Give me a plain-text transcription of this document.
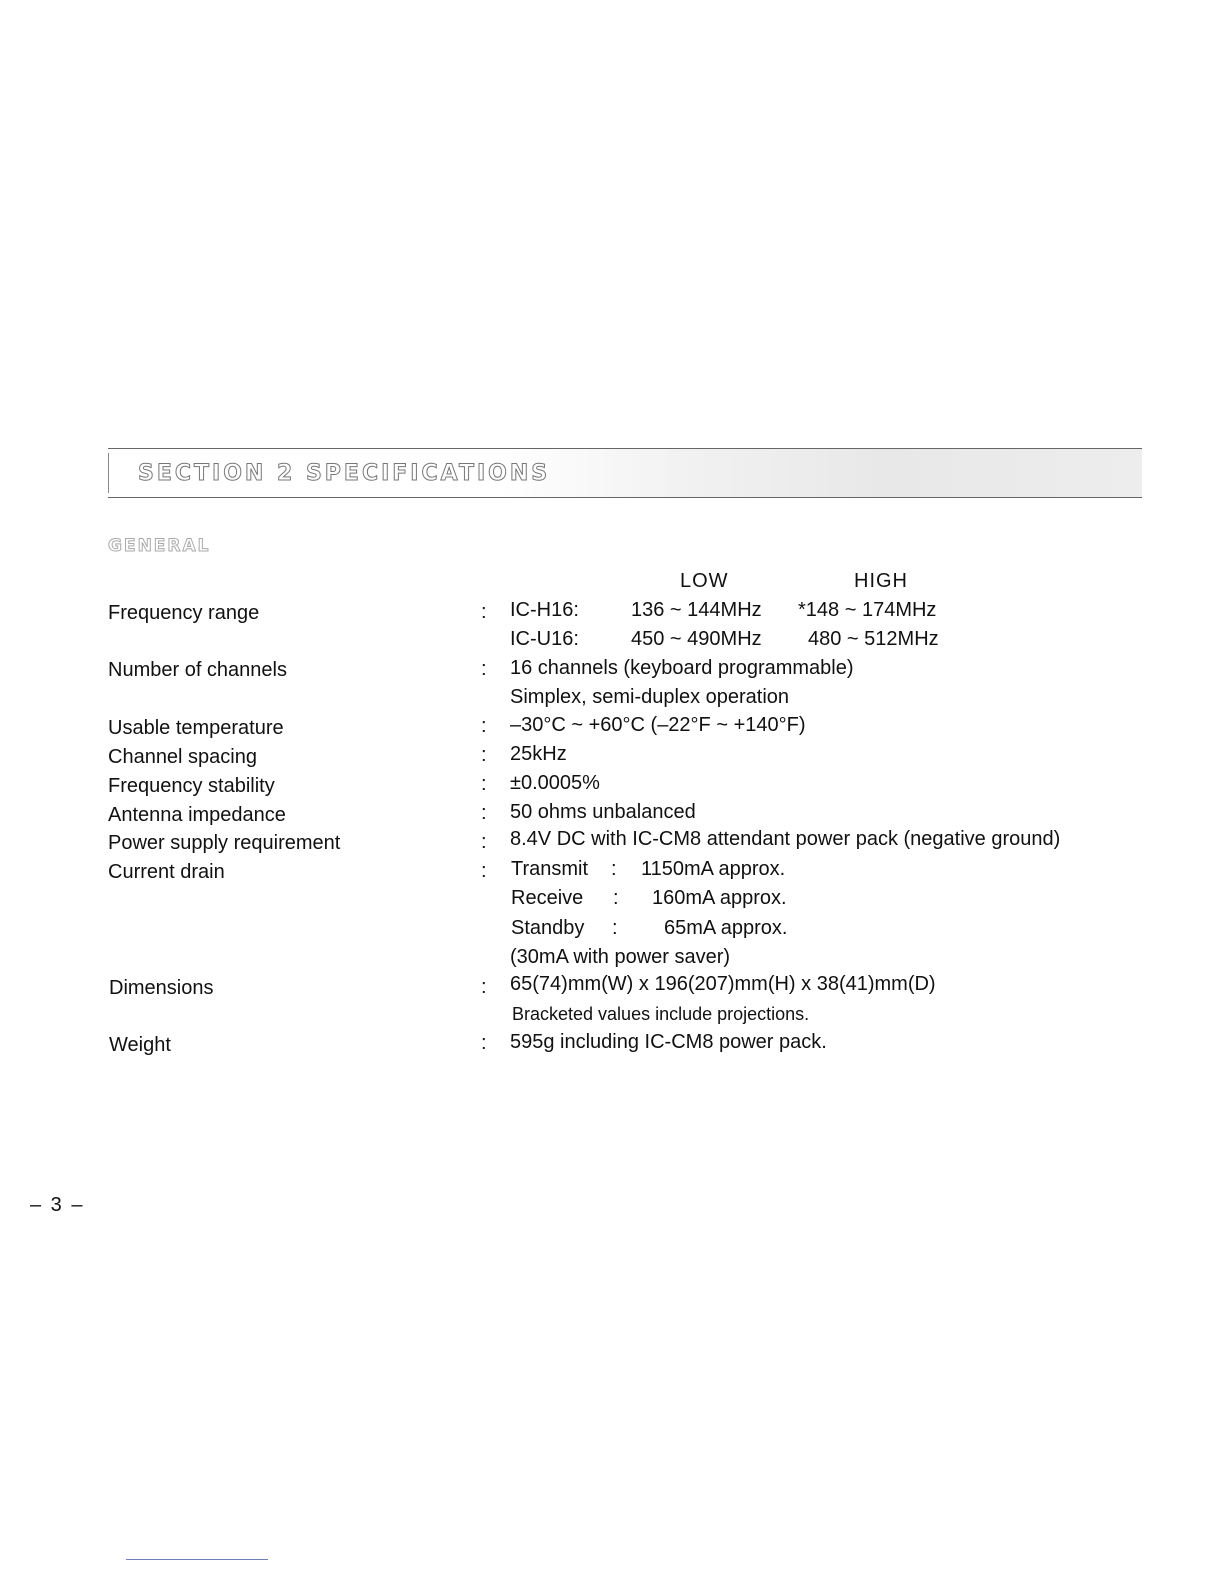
SECTION 2 SPECIFICATIONS
GENERAL
LOW	HIGH
Frequency range	: IC-H16:	136 ~ 144MHz *148 ~ 174MHz
IC-U16:	450 ~ 490MHz 480 ~ 512MHz
Number of channels	: 16 channels (keyboard programmable)
Simplex, semi-duplex operation
Usable temperature	: –30°C ~ +60°C (–22°F ~ +140°F)
Channel spacing	: 25kHz
Frequency stability	: ±0.0005%
Antenna impedance	: 50 ohms unbalanced
Power supply requirement	: 8.4V DC with IC-CM8 attendant power pack (negative ground)
Current drain	: Transmit : 1150mA approx.
Receive : 160mA approx.
Standby : 65mA approx.
(30mA with power saver)
Dimensions	: 65(74)mm(W) x 196(207)mm(H) x 38(41)mm(D)
Bracketed values include projections.
Weight	: 595g including IC-CM8 power pack.
– 3 –
